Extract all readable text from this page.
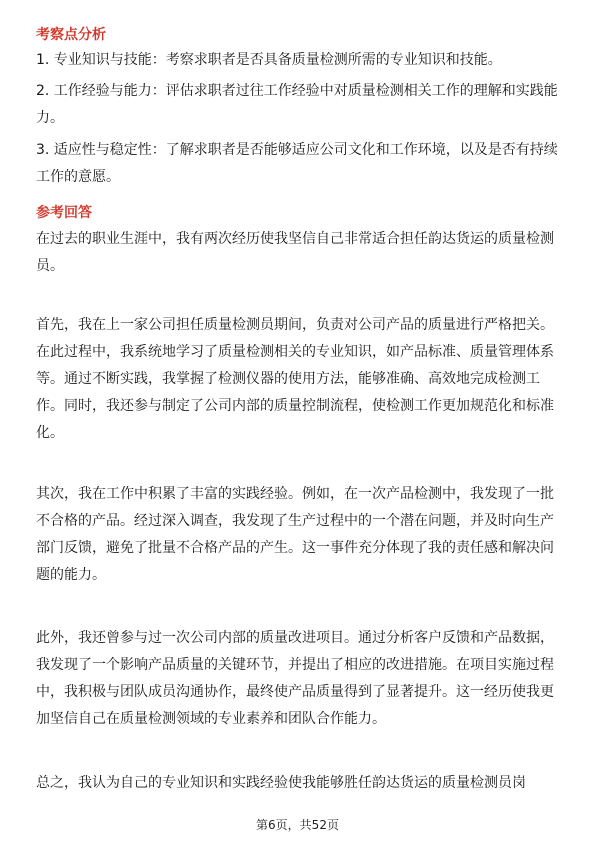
考察点分析

1. 专业知识与技能：考察求职者是否具备质量检测所需的专业知识和技能。

2. 工作经验与能力：评估求职者过往工作经验中对质量检测相关工作的理解和实践能力。

3. 适应性与稳定性：了解求职者是否能够适应公司文化和工作环境，以及是否有持续工作的意愿。

参考回答

在过去的职业生涯中，我有两次经历使我坚信自己非常适合担任韵达货运的质量检测员。

首先，我在上一家公司担任质量检测员期间，负责对公司产品的质量进行严格把关。在此过程中，我系统地学习了质量检测相关的专业知识，如产品标准、质量管理体系等。通过不断实践，我掌握了检测仪器的使用方法，能够准确、高效地完成检测工作。同时，我还参与制定了公司内部的质量控制流程，使检测工作更加规范化和标准化。

其次，我在工作中积累了丰富的实践经验。例如，在一次产品检测中，我发现了一批不合格的产品。经过深入调查，我发现了生产过程中的一个潜在问题，并及时向生产部门反馈，避免了批量不合格产品的产生。这一事件充分体现了我的责任感和解决问题的能力。

此外，我还曾参与过一次公司内部的质量改进项目。通过分析客户反馈和产品数据，我发现了一个影响产品质量的关键环节，并提出了相应的改进措施。在项目实施过程中，我积极与团队成员沟通协作，最终使产品质量得到了显著提升。这一经历使我更加坚信自己在质量检测领域的专业素养和团队合作能力。

总之，我认为自己的专业知识和实践经验使我能够胜任韵达货运的质量检测员岗

第6页，共52页
